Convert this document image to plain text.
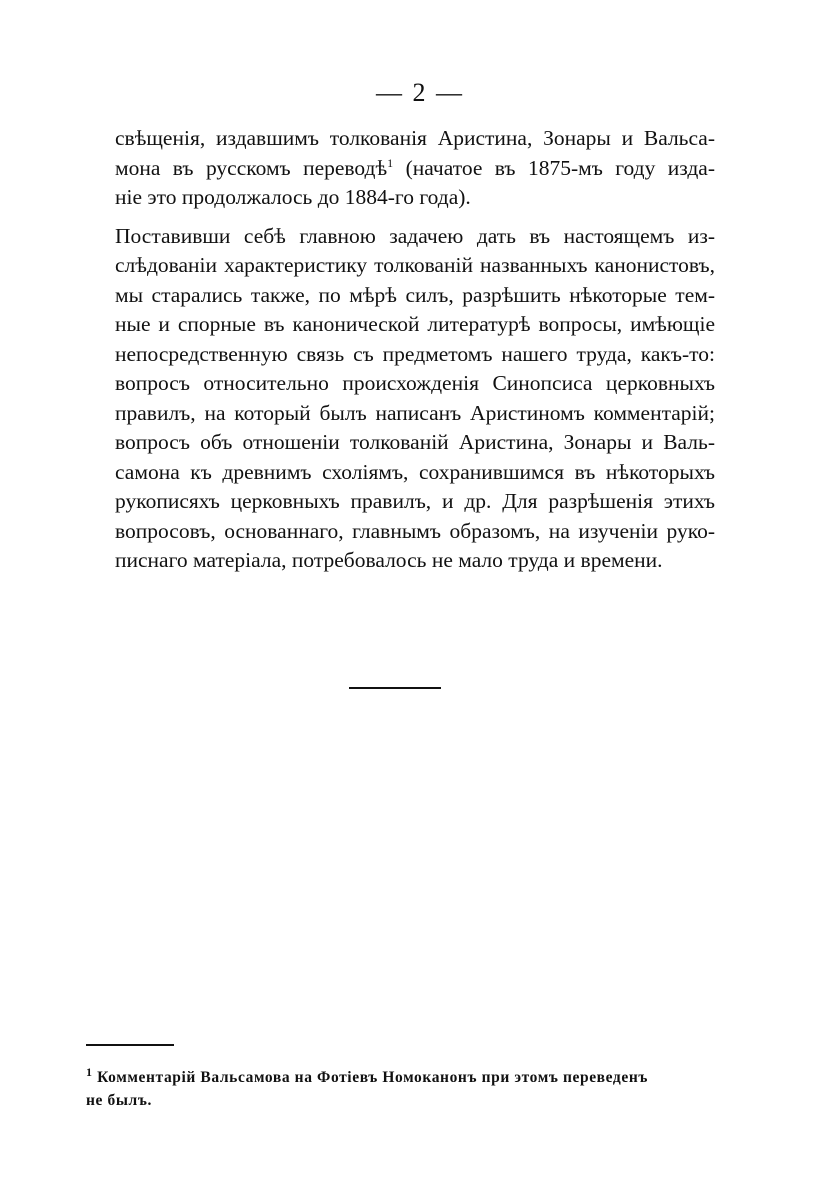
— 2 —
свѣщенія, издавшимъ толкованія Аристина, Зонары и Вальса-
мона въ русскомъ переводѣ$^1$ (начатое въ 1875-мъ году изда-
ніе это продолжалось до 1884-го года).
Поставивши себѣ главною задачею дать въ настоящемъ из-
слѣдованіи характеристику толкованій названныхъ канонистовъ,
мы старались также, по мѣрѣ силъ, разрѣшить нѣкоторые тем-
ные и спорные въ канонической литературѣ вопросы, имѣющіе
непосредственную связь съ предметомъ нашего труда, какъ-то:
вопросъ относительно происхожденія Синопсиса церковныхъ
правилъ, на который былъ написанъ Аристиномъ комментарій;
вопросъ объ отношеніи толкованій Аристина, Зонары и Валь-
самона къ древнимъ схоліямъ, сохранившимся въ нѣкоторыхъ
рукописяхъ церковныхъ правилъ, и др. Для разрѣшенія этихъ
вопросовъ, основаннаго, главнымъ образомъ, на изученіи руко-
писнаго матеріала, потребовалось не мало труда и времени.
$^1$ Комментарій Вальсамова на Фотіевъ Номоканонъ при этомъ переведенъ
не былъ.
